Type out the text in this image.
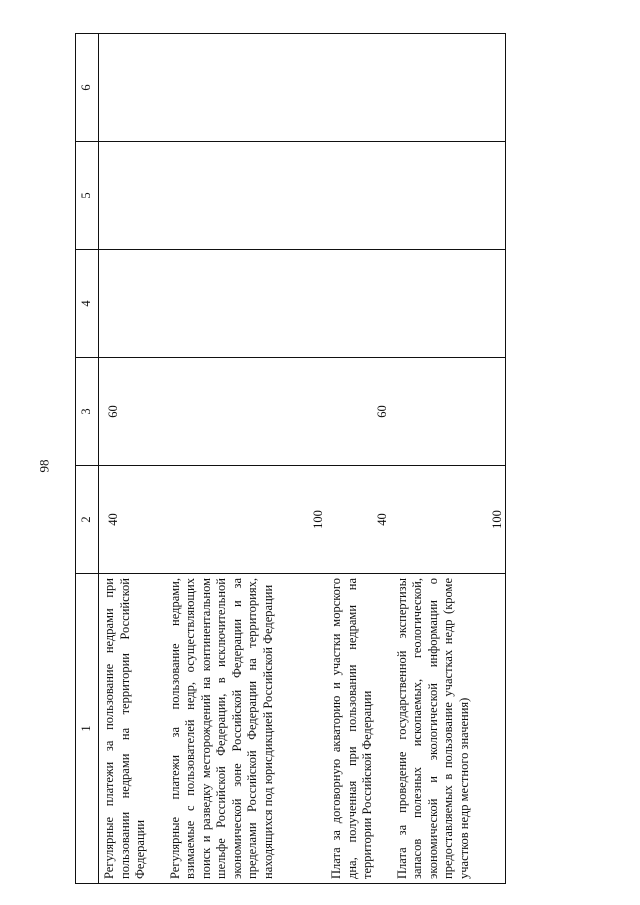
98
1	2	3	4	5	6
Регулярные платежи за пользование недрами при пользовании недрами на территории Российской Федерации	40	60			

Регулярные платежи за пользование недрами, взимаемые с пользователей недр, осуществляющих поиск и разведку месторождений на континентальном шельфе Российской Федерации, в исключительной экономической зоне Российской Федерации и за пределами Российской Федерации на территориях, находящихся под юрисдикцией Российской Федерации	100				

Плата за договорную акваторию и участки морского дна, полученная при пользовании недрами на территории Российской Федерации	40	60			

Плата за проведение государственной экспертизы запасов полезных ископаемых, геологической, экономической и экологической информации о предоставляемых в пользование участках недр (кроме участков недр местного значения)	100				
